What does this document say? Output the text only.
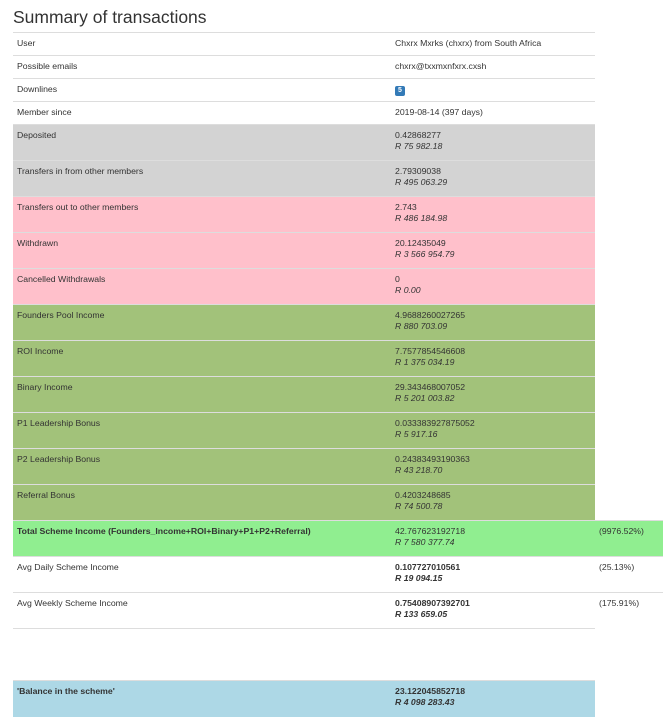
Summary of transactions
User	Chxrx Mxrks (chxrx) from South Africa	
Possible emails	chxrx@txxmxnfxrx.cxsh	
Downlines	5	
Member since	2019-08-14 (397 days)	
Deposited	0.42868277
R 75 982.18	

Transfers in from other members	2.79309038
R 495 063.29	

Transfers out to other members	2.743
R 486 184.98	

Withdrawn	20.12435049
R 3 566 954.79	

Cancelled Withdrawals	0
R 0.00	

Founders Pool Income	4.9688260027265
R 880 703.09	

ROI Income	7.7577854546608
R 1 375 034.19	

Binary Income	29.343468007052
R 5 201 003.82	

P1 Leadership Bonus	0.033383927875052
R 5 917.16	

P2 Leadership Bonus	0.24383493190363
R 43 218.70	

Referral Bonus	0.4203248685
R 74 500.78	

Total Scheme Income (Founders_Income+ROI+Binary+P1+P2+Referral)	42.767623192718
R 7 580 377.74	(9976.52%)
Avg Daily Scheme Income	0.107727010561
R 19 094.15	(25.13%)
Avg Weekly Scheme Income	0.75408907392701
R 133 659.05	(175.91%)

'Balance in the scheme'	23.122045852718
R 4 098 283.43	
